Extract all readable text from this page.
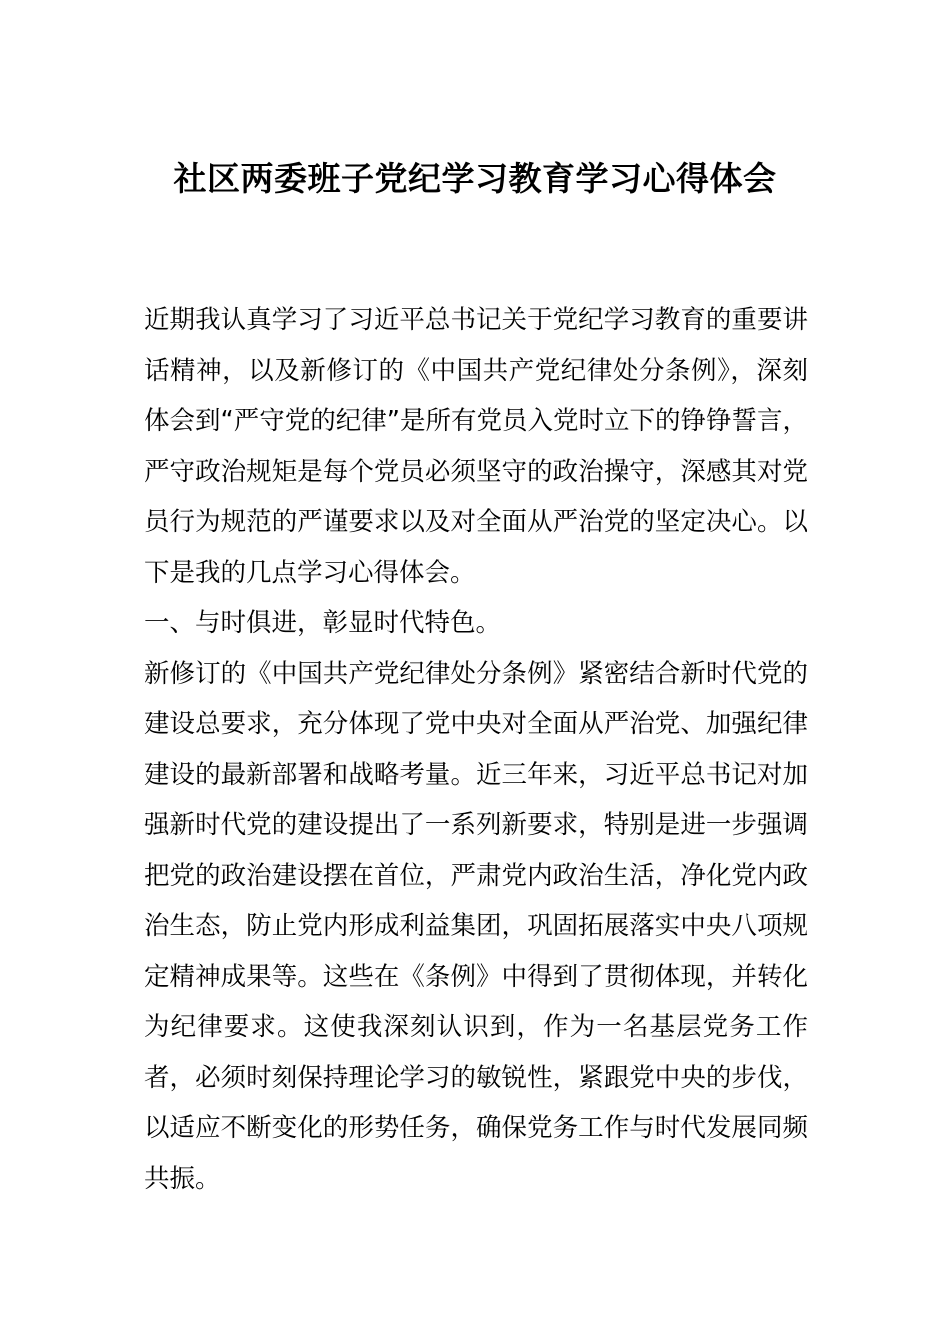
社区两委班子党纪学习教育学习心得体会

近期我认真学习了习近平总书记关于党纪学习教育的重要讲话精神，以及新修订的《中国共产党纪律处分条例》，深刻体会到“严守党的纪律”是所有党员入党时立下的铮铮誓言，严守政治规矩是每个党员必须坚守的政治操守，深感其对党员行为规范的严谨要求以及对全面从严治党的坚定决心。以下是我的几点学习心得体会。

一、与时俱进，彰显时代特色。

新修订的《中国共产党纪律处分条例》紧密结合新时代党的建设总要求，充分体现了党中央对全面从严治党、加强纪律建设的最新部署和战略考量。近三年来，习近平总书记对加强新时代党的建设提出了一系列新要求，特别是进一步强调把党的政治建设摆在首位，严肃党内政治生活，净化党内政治生态，防止党内形成利益集团，巩固拓展落实中央八项规定精神成果等。这些在《条例》中得到了贯彻体现，并转化为纪律要求。这使我深刻认识到，作为一名基层党务工作者，必须时刻保持理论学习的敏锐性，紧跟党中央的步伐，以适应不断变化的形势任务，确保党务工作与时代发展同频共振。
